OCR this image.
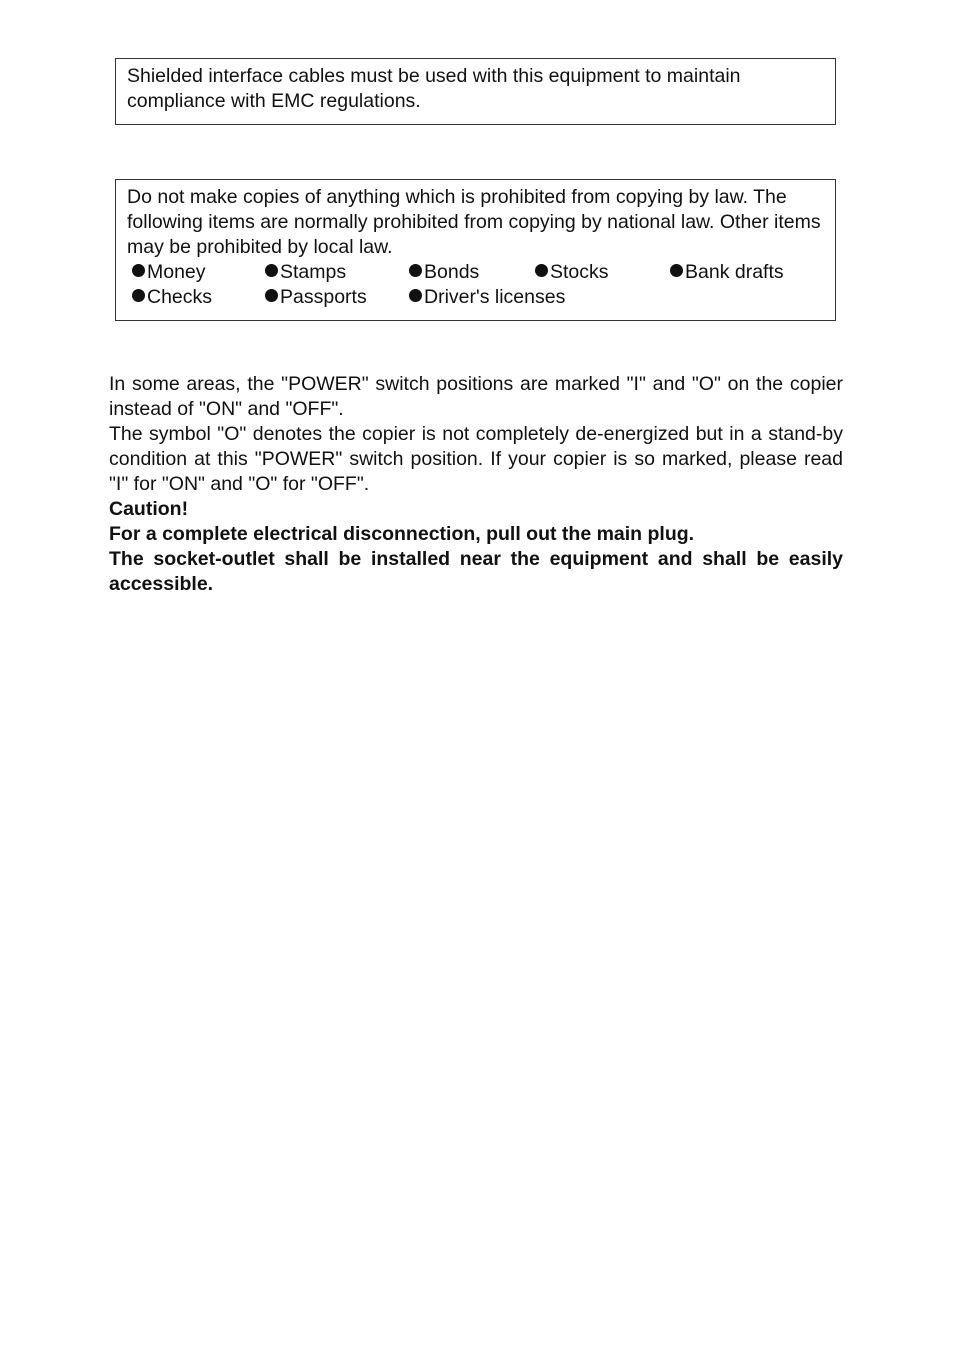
Shielded interface cables must be used with this equipment to maintain compliance with EMC regulations.

Do not make copies of anything which is prohibited from copying by law. The following items are normally prohibited from copying by national law. Other items may be prohibited by local law.

Money	Stamps	Bonds	Stocks	Bank drafts
Checks	Passports	Driver's licenses

In some areas, the "POWER" switch positions are marked "I" and "O" on the copier instead of "ON" and "OFF".

The symbol "O" denotes the copier is not completely de-energized but in a stand-by condition at this "POWER" switch position. If your copier is so marked, please read "I" for "ON" and "O" for "OFF".

Caution!

For a complete electrical disconnection, pull out the main plug.

The socket-outlet shall be installed near the equipment and shall be easily accessible.
